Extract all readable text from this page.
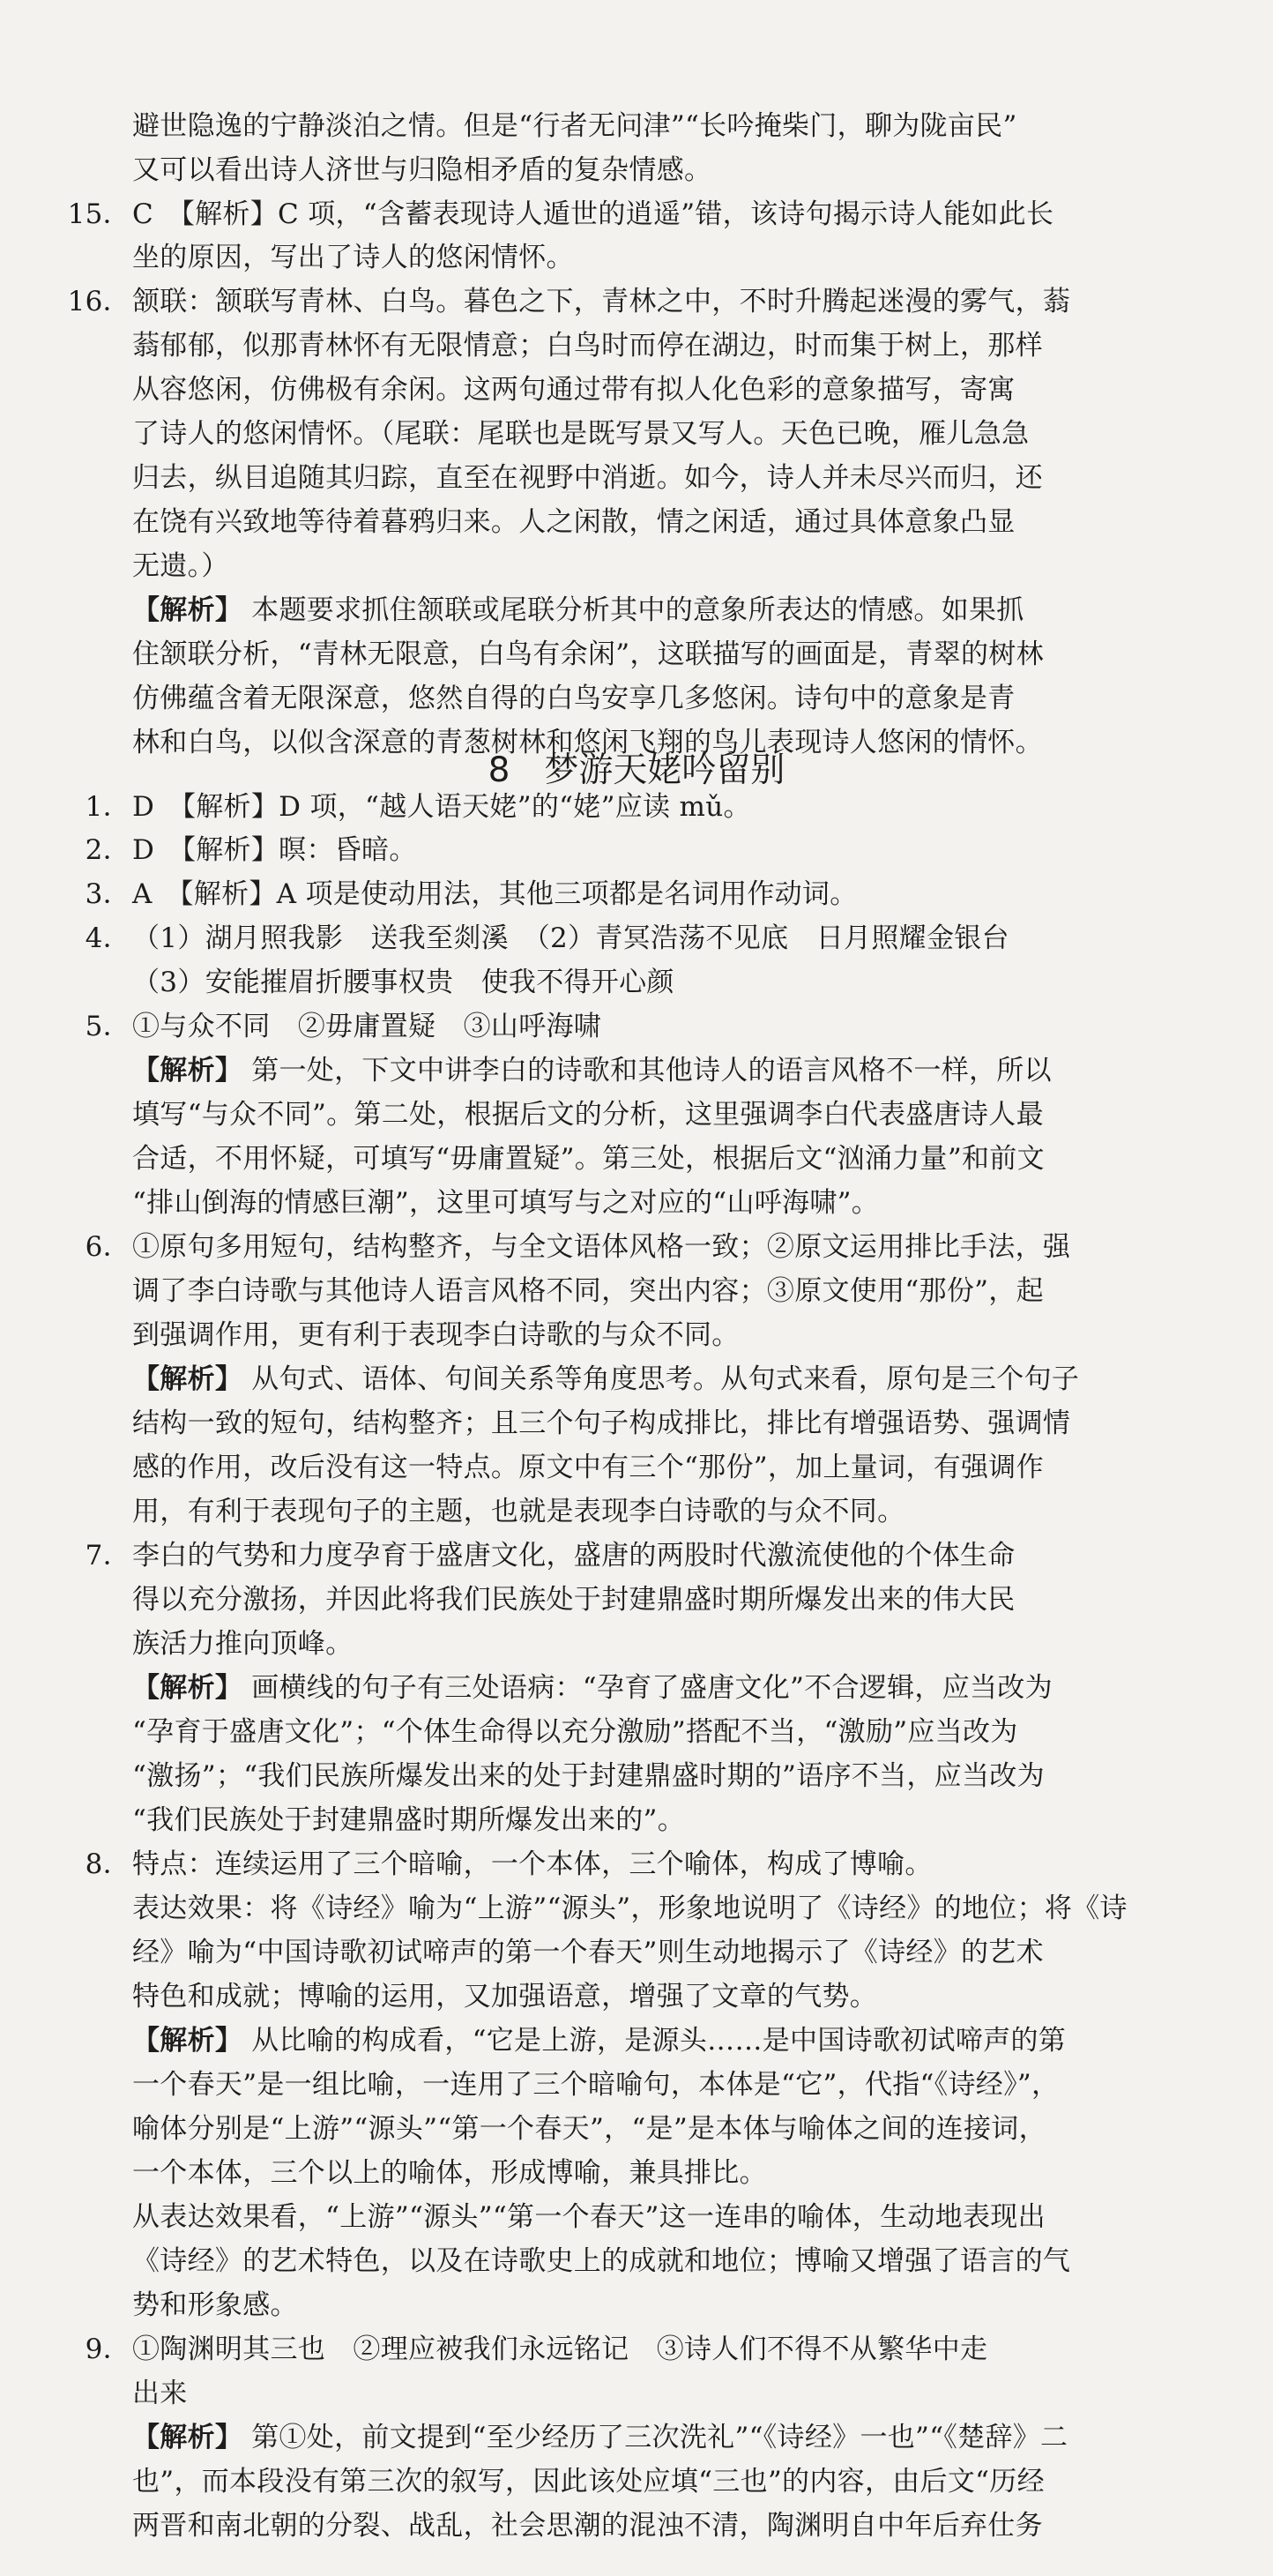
8　梦游天姥吟留别
避世隐逸的宁静淡泊之情。但是“行者无问津”“长吟掩柴门，聊为陇亩民”
又可以看出诗人济世与归隐相矛盾的复杂情感。
15． C　【解析】C 项，“含蓄表现诗人遁世的逍遥”错，该诗句揭示诗人能如此长
坐的原因，写出了诗人的悠闲情怀。
16． 颔联：颔联写青林、白鸟。暮色之下，青林之中，不时升腾起迷漫的雾气，蓊
蓊郁郁，似那青林怀有无限情意；白鸟时而停在湖边，时而集于树上，那样
从容悠闲，仿佛极有余闲。这两句通过带有拟人化色彩的意象描写，寄寓
了诗人的悠闲情怀。（尾联：尾联也是既写景又写人。天色已晚，雁儿急急
归去，纵目追随其归踪，直至在视野中消逝。如今，诗人并未尽兴而归，还
在饶有兴致地等待着暮鸦归来。人之闲散，情之闲适，通过具体意象凸显
无遗。）
【解析】 本题要求抓住颔联或尾联分析其中的意象所表达的情感。如果抓
住颔联分析，“青林无限意，白鸟有余闲”，这联描写的画面是，青翠的树林
仿佛蕴含着无限深意，悠然自得的白鸟安享几多悠闲。诗句中的意象是青
林和白鸟，以似含深意的青葱树林和悠闲飞翔的鸟儿表现诗人悠闲的情怀。
1． D　【解析】D 项，“越人语天姥”的“姥”应读 mǔ。
2． D　【解析】暝：昏暗。
3． A　【解析】A 项是使动用法，其他三项都是名词用作动词。
4． （1）湖月照我影　送我至剡溪　（2）青冥浩荡不见底　日月照耀金银台
（3）安能摧眉折腰事权贵　使我不得开心颜
5． ①与众不同　②毋庸置疑　③山呼海啸
【解析】 第一处，下文中讲李白的诗歌和其他诗人的语言风格不一样，所以
填写“与众不同”。第二处，根据后文的分析，这里强调李白代表盛唐诗人最
合适，不用怀疑，可填写“毋庸置疑”。第三处，根据后文“汹涌力量”和前文
“排山倒海的情感巨潮”，这里可填写与之对应的“山呼海啸”。
6． ①原句多用短句，结构整齐，与全文语体风格一致；②原文运用排比手法，强
调了李白诗歌与其他诗人语言风格不同，突出内容；③原文使用“那份”，起
到强调作用，更有利于表现李白诗歌的与众不同。
【解析】 从句式、语体、句间关系等角度思考。从句式来看，原句是三个句子
结构一致的短句，结构整齐；且三个句子构成排比，排比有增强语势、强调情
感的作用，改后没有这一特点。原文中有三个“那份”，加上量词，有强调作
用，有利于表现句子的主题，也就是表现李白诗歌的与众不同。
7． 李白的气势和力度孕育于盛唐文化，盛唐的两股时代激流使他的个体生命
得以充分激扬，并因此将我们民族处于封建鼎盛时期所爆发出来的伟大民
族活力推向顶峰。
【解析】 画横线的句子有三处语病：“孕育了盛唐文化”不合逻辑，应当改为
“孕育于盛唐文化”；“个体生命得以充分激励”搭配不当，“激励”应当改为
“激扬”；“我们民族所爆发出来的处于封建鼎盛时期的”语序不当，应当改为
“我们民族处于封建鼎盛时期所爆发出来的”。
8． 特点：连续运用了三个暗喻，一个本体，三个喻体，构成了博喻。
表达效果：将《诗经》喻为“上游”“源头”，形象地说明了《诗经》的地位；将《诗
经》喻为“中国诗歌初试啼声的第一个春天”则生动地揭示了《诗经》的艺术
特色和成就；博喻的运用，又加强语意，增强了文章的气势。
【解析】 从比喻的构成看，“它是上游，是源头……是中国诗歌初试啼声的第
一个春天”是一组比喻，一连用了三个暗喻句，本体是“它”，代指“《诗经》”，
喻体分别是“上游”“源头”“第一个春天”，“是”是本体与喻体之间的连接词，
一个本体，三个以上的喻体，形成博喻，兼具排比。
从表达效果看，“上游”“源头”“第一个春天”这一连串的喻体，生动地表现出
《诗经》的艺术特色，以及在诗歌史上的成就和地位；博喻又增强了语言的气
势和形象感。
9． ①陶渊明其三也　②理应被我们永远铭记　③诗人们不得不从繁华中走
出来
【解析】 第①处，前文提到“至少经历了三次洗礼”“《诗经》一也”“《楚辞》二
也”，而本段没有第三次的叙写，因此该处应填“三也”的内容，由后文“历经
两晋和南北朝的分裂、战乱，社会思潮的混浊不清，陶渊明自中年后弃仕务
